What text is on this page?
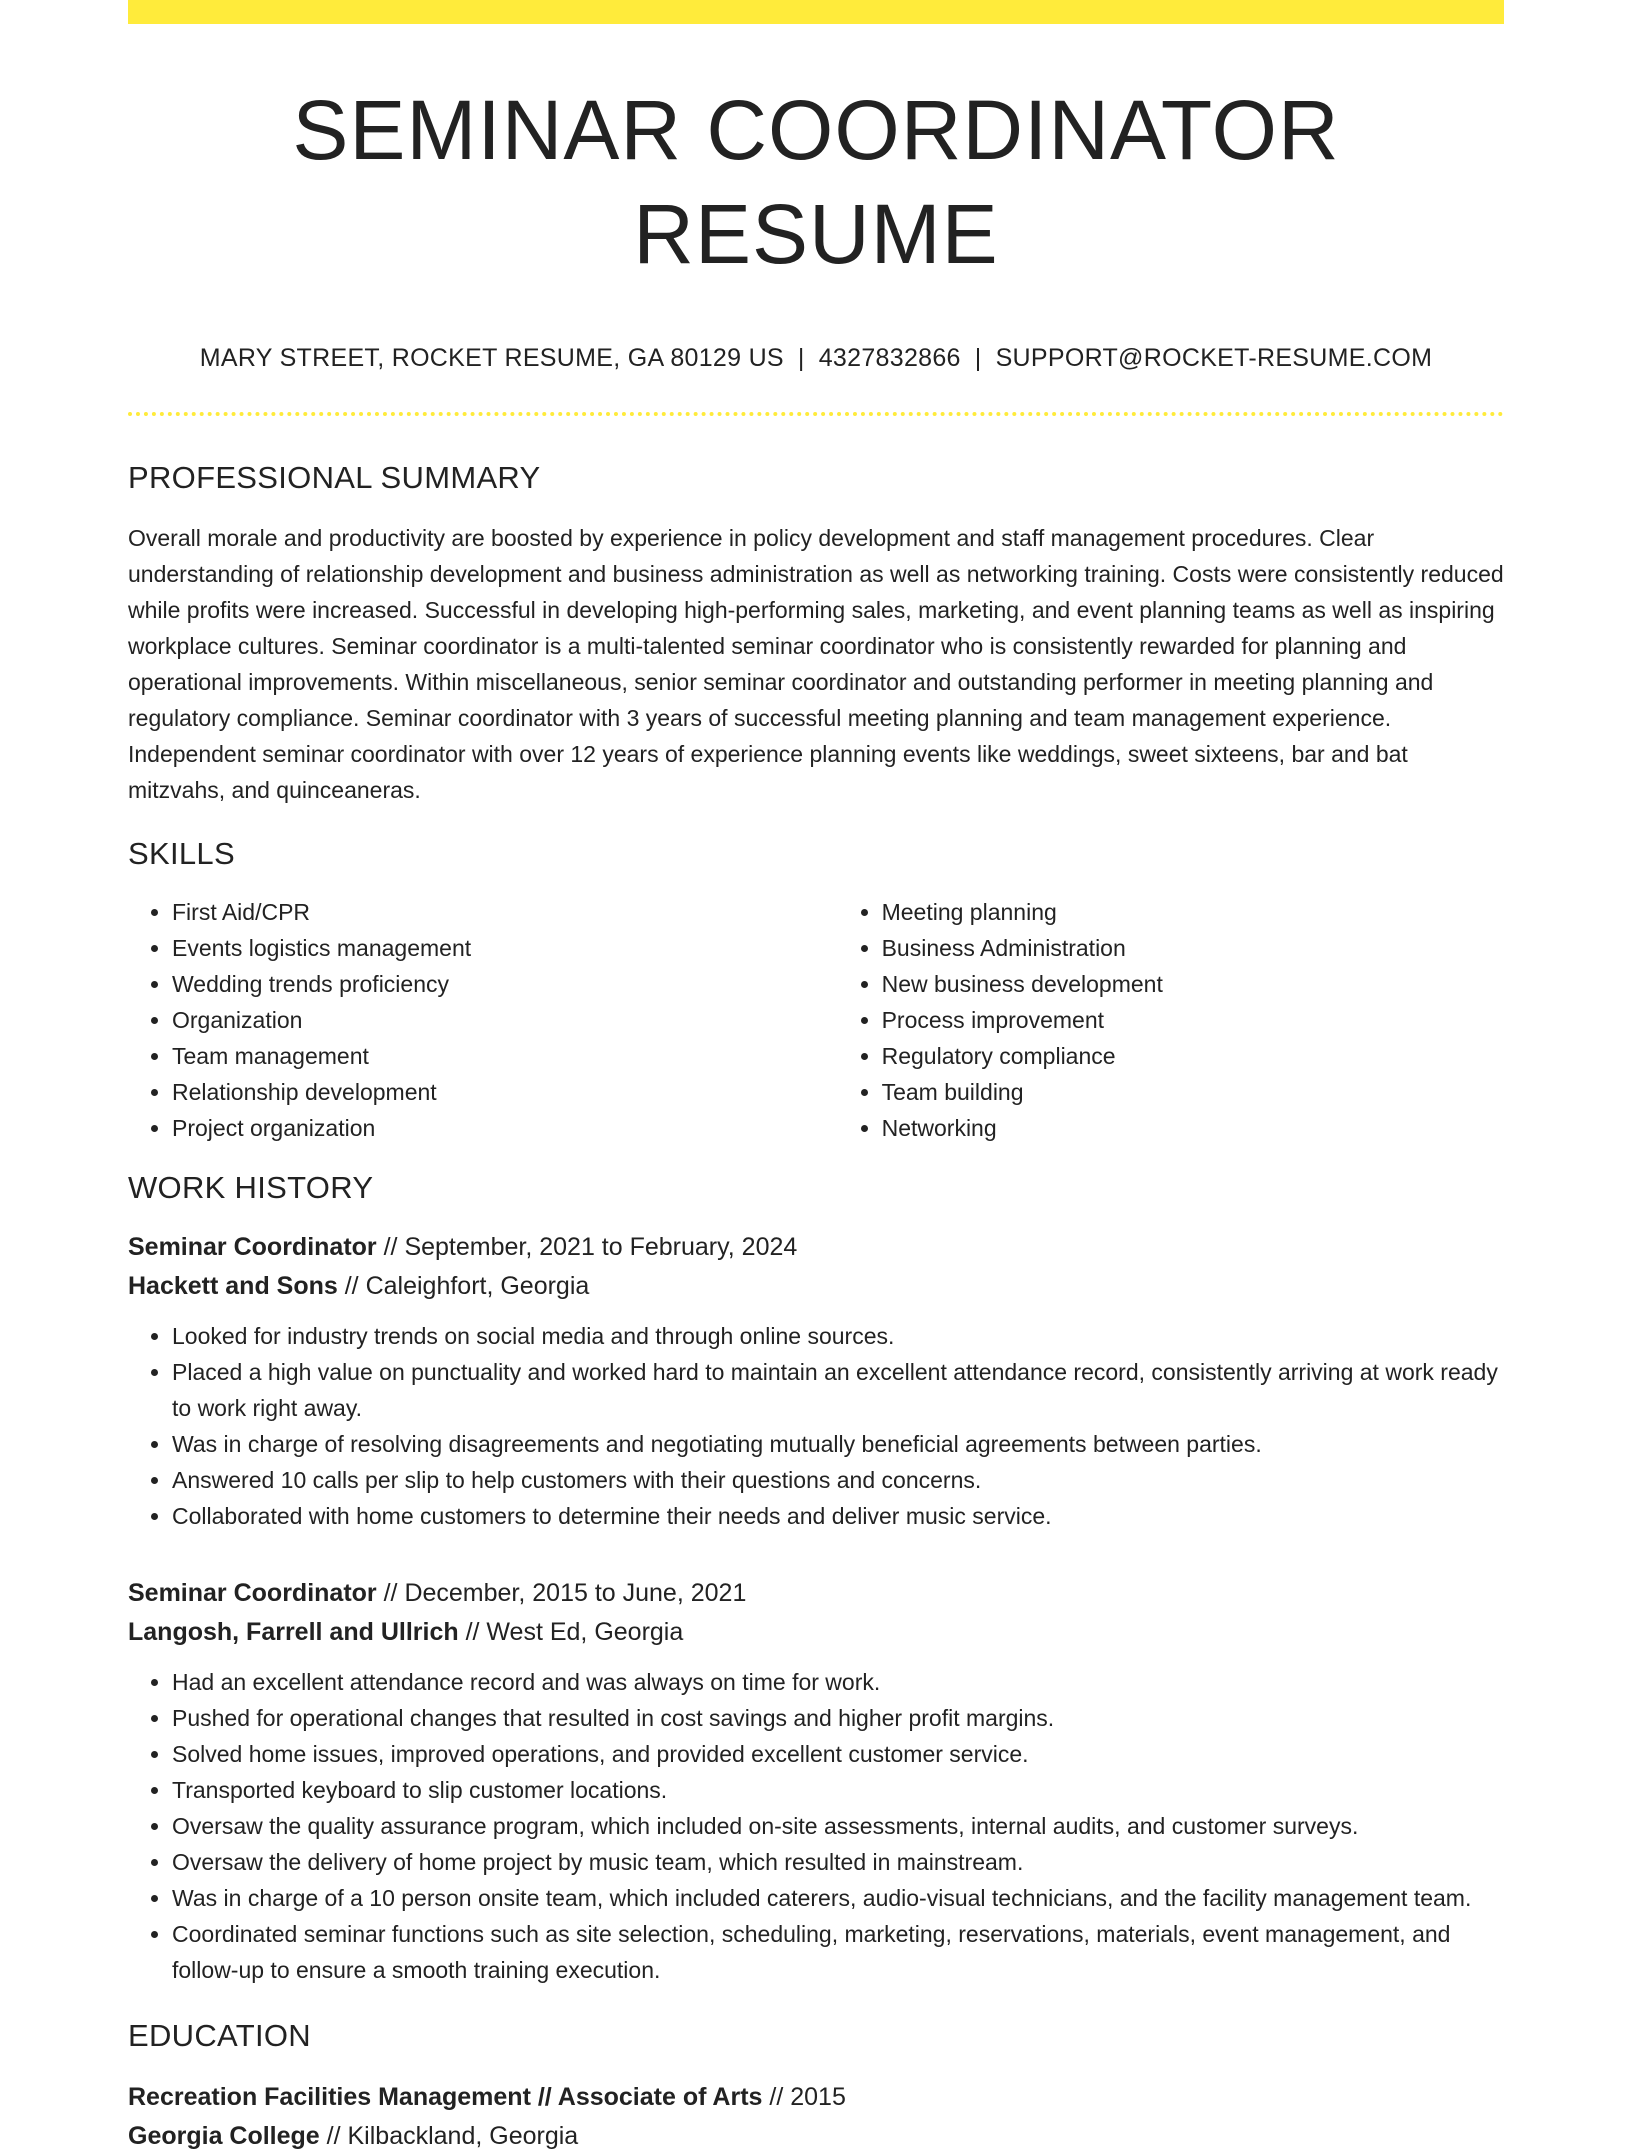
SEMINAR COORDINATOR RESUME
MARY STREET, ROCKET RESUME, GA 80129 US | 4327832866 | SUPPORT@ROCKET-RESUME.COM
PROFESSIONAL SUMMARY

Overall morale and productivity are boosted by experience in policy development and staff management procedures. Clear understanding of relationship development and business administration as well as networking training. Costs were consistently reduced while profits were increased. Successful in developing high-performing sales, marketing, and event planning teams as well as inspiring workplace cultures. Seminar coordinator is a multi-talented seminar coordinator who is consistently rewarded for planning and operational improvements. Within miscellaneous, senior seminar coordinator and outstanding performer in meeting planning and regulatory compliance. Seminar coordinator with 3 years of successful meeting planning and team management experience. Independent seminar coordinator with over 12 years of experience planning events like weddings, sweet sixteens, bar and bat mitzvahs, and quinceaneras.

SKILLS
• First Aid/CPR
• Events logistics management
• Wedding trends proficiency
• Organization
• Team management
• Relationship development
• Project organization
• Meeting planning
• Business Administration
• New business development
• Process improvement
• Regulatory compliance
• Team building
• Networking
WORK HISTORY
Seminar Coordinator // September, 2021 to February, 2024
Hackett and Sons // Caleighfort, Georgia
• Looked for industry trends on social media and through online sources.
• Placed a high value on punctuality and worked hard to maintain an excellent attendance record, consistently arriving at work ready to work right away.
• Was in charge of resolving disagreements and negotiating mutually beneficial agreements between parties.
• Answered 10 calls per slip to help customers with their questions and concerns.
• Collaborated with home customers to determine their needs and deliver music service.
Seminar Coordinator // December, 2015 to June, 2021
Langosh, Farrell and Ullrich // West Ed, Georgia
• Had an excellent attendance record and was always on time for work.
• Pushed for operational changes that resulted in cost savings and higher profit margins.
• Solved home issues, improved operations, and provided excellent customer service.
• Transported keyboard to slip customer locations.
• Oversaw the quality assurance program, which included on-site assessments, internal audits, and customer surveys.
• Oversaw the delivery of home project by music team, which resulted in mainstream.
• Was in charge of a 10 person onsite team, which included caterers, audio-visual technicians, and the facility management team.
• Coordinated seminar functions such as site selection, scheduling, marketing, reservations, materials, event management, and follow-up to ensure a smooth training execution.
EDUCATION
Recreation Facilities Management // Associate of Arts // 2015
Georgia College // Kilbackland, Georgia
